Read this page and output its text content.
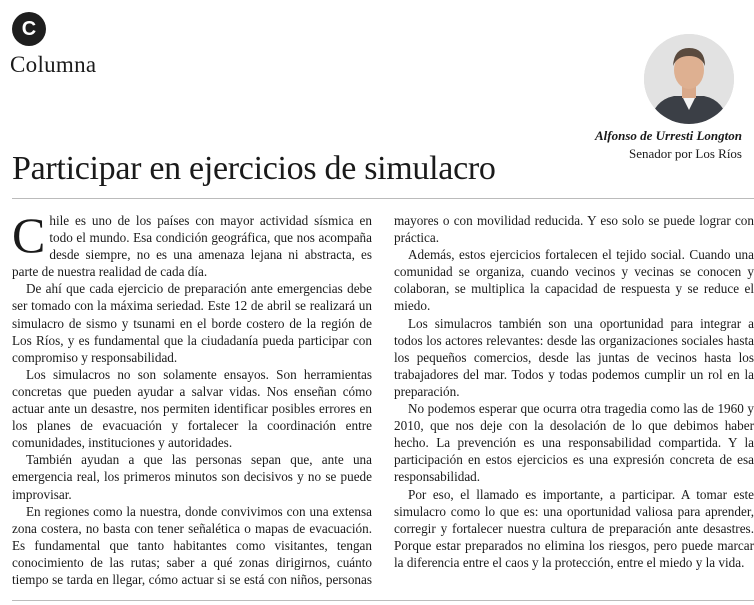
C
Columna
Alfonso de Urresti Longton
Senador por Los Ríos
Participar en ejercicios de simulacro

Chile es uno de los países con mayor actividad sísmica en todo el mundo. Esa condición geográfica, que nos acompaña desde siempre, no es una amenaza lejana ni abstracta, es parte de nuestra realidad de cada día.

De ahí que cada ejercicio de preparación ante emergencias debe ser tomado con la máxima seriedad. Este 12 de abril se realizará un simulacro de sismo y tsunami en el borde costero de la región de Los Ríos, y es fundamental que la ciudadanía pueda participar con compromiso y responsabilidad.

Los simulacros no son solamente ensayos. Son herramientas concretas que pueden ayudar a salvar vidas. Nos enseñan cómo actuar ante un desastre, nos permiten identificar posibles errores en los planes de evacuación y fortalecer la coordinación entre comunidades, instituciones y autoridades.

También ayudan a que las personas sepan que, ante una emergencia real, los primeros minutos son decisivos y no se puede improvisar.

En regiones como la nuestra, donde convivimos con una extensa zona costera, no basta con tener señalética o mapas de evacuación. Es fundamental que tanto habitantes como visitantes, tengan conocimiento de las rutas; saber a qué zonas dirigirnos, cuánto tiempo se tarda en llegar, cómo actuar si se está con niños, personas mayores o con movilidad reducida. Y eso solo se puede lograr con práctica.

Además, estos ejercicios fortalecen el tejido social. Cuando una comunidad se organiza, cuando vecinos y vecinas se conocen y colaboran, se multiplica la capacidad de respuesta y se reduce el miedo.

Los simulacros también son una oportunidad para integrar a todos los actores relevantes: desde las organizaciones sociales hasta los pequeños comercios, desde las juntas de vecinos hasta los trabajadores del mar. Todos y todas podemos cumplir un rol en la preparación.

No podemos esperar que ocurra otra tragedia como las de 1960 y 2010, que nos deje con la desolación de lo que debimos haber hecho. La prevención es una responsabilidad compartida. Y la participación en estos ejercicios es una expresión concreta de esa responsabilidad.

Por eso, el llamado es importante, a participar. A tomar este simulacro como lo que es: una oportunidad valiosa para aprender, corregir y fortalecer nuestra cultura de preparación ante desastres. Porque estar preparados no elimina los riesgos, pero puede marcar la diferencia entre el caos y la protección, entre el miedo y la vida.
